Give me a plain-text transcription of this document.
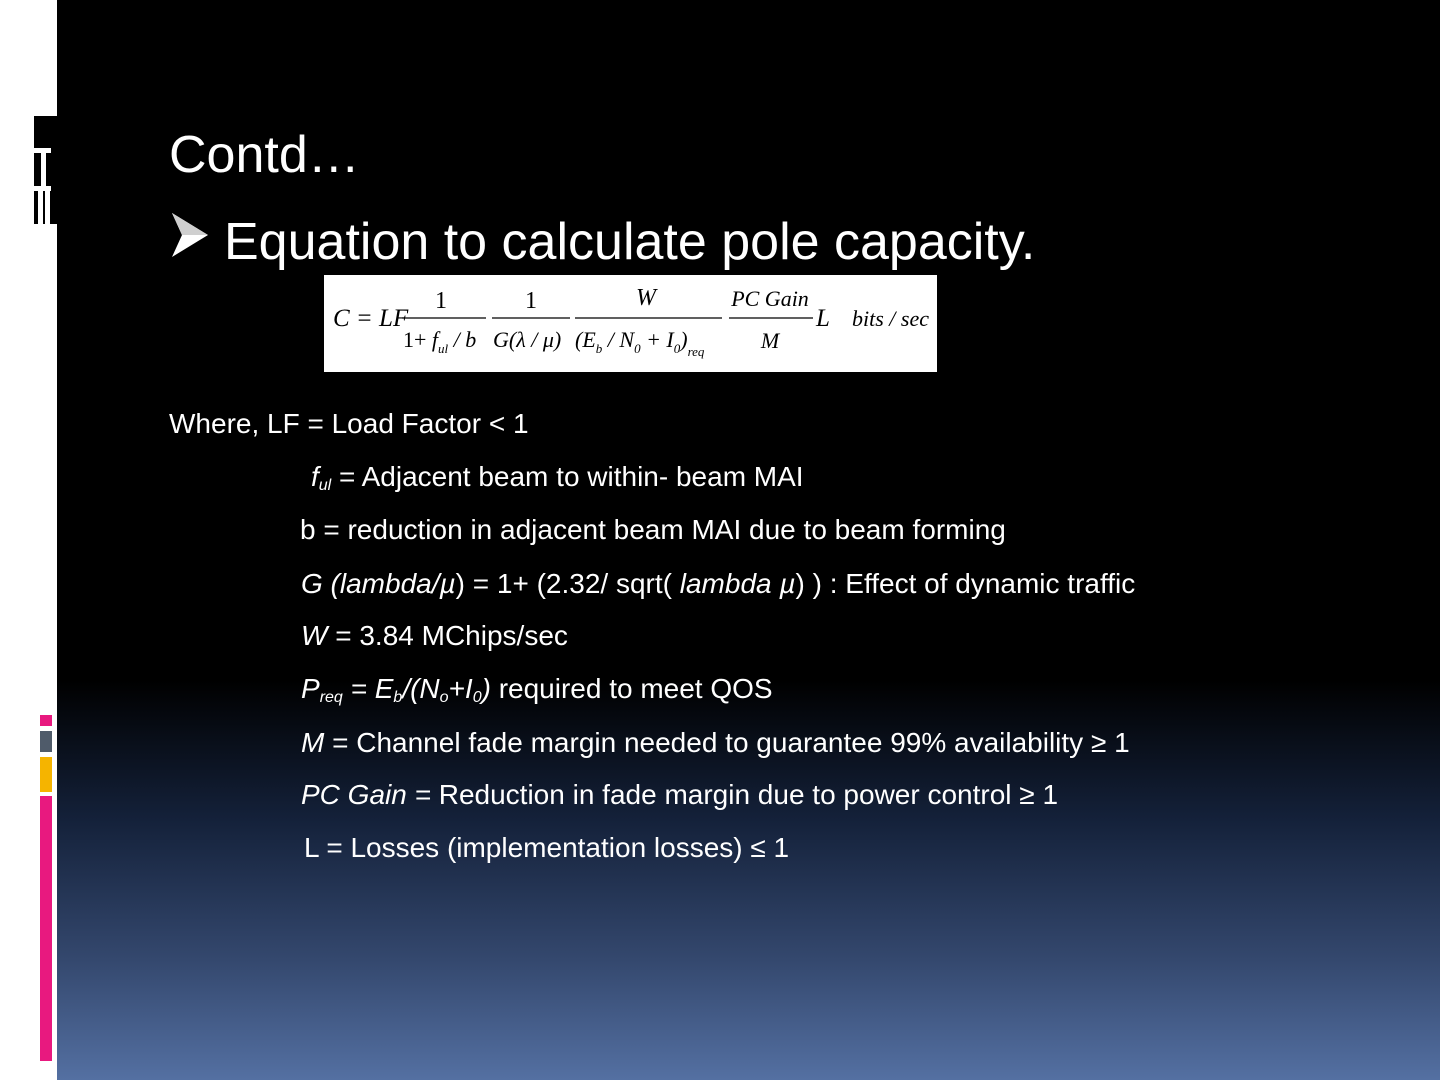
Contd…
Equation to calculate pole capacity.
C = LF
1
$1+ f_{ul} / b$
1
G(λ / μ)
W
$(E_b / N_0 + I_0)_{req}$
PC Gain
M
L bits / sec
Where, LF = Load Factor < 1
$f_{ul}$ = Adjacent beam to within- beam MAI
b = reduction in adjacent beam MAI due to beam forming
G (lambda/µ) = 1+ (2.32/ sqrt( lambda µ) ) : Effect of dynamic traffic
W = 3.84 MChips/sec
$P_{req} = E_b/(N_o+I_0)$ required to meet QOS
M = Channel fade margin needed to guarantee 99% availability ≥ 1
PC Gain = Reduction in fade margin due to power control ≥ 1
L = Losses (implementation losses) ≤ 1
